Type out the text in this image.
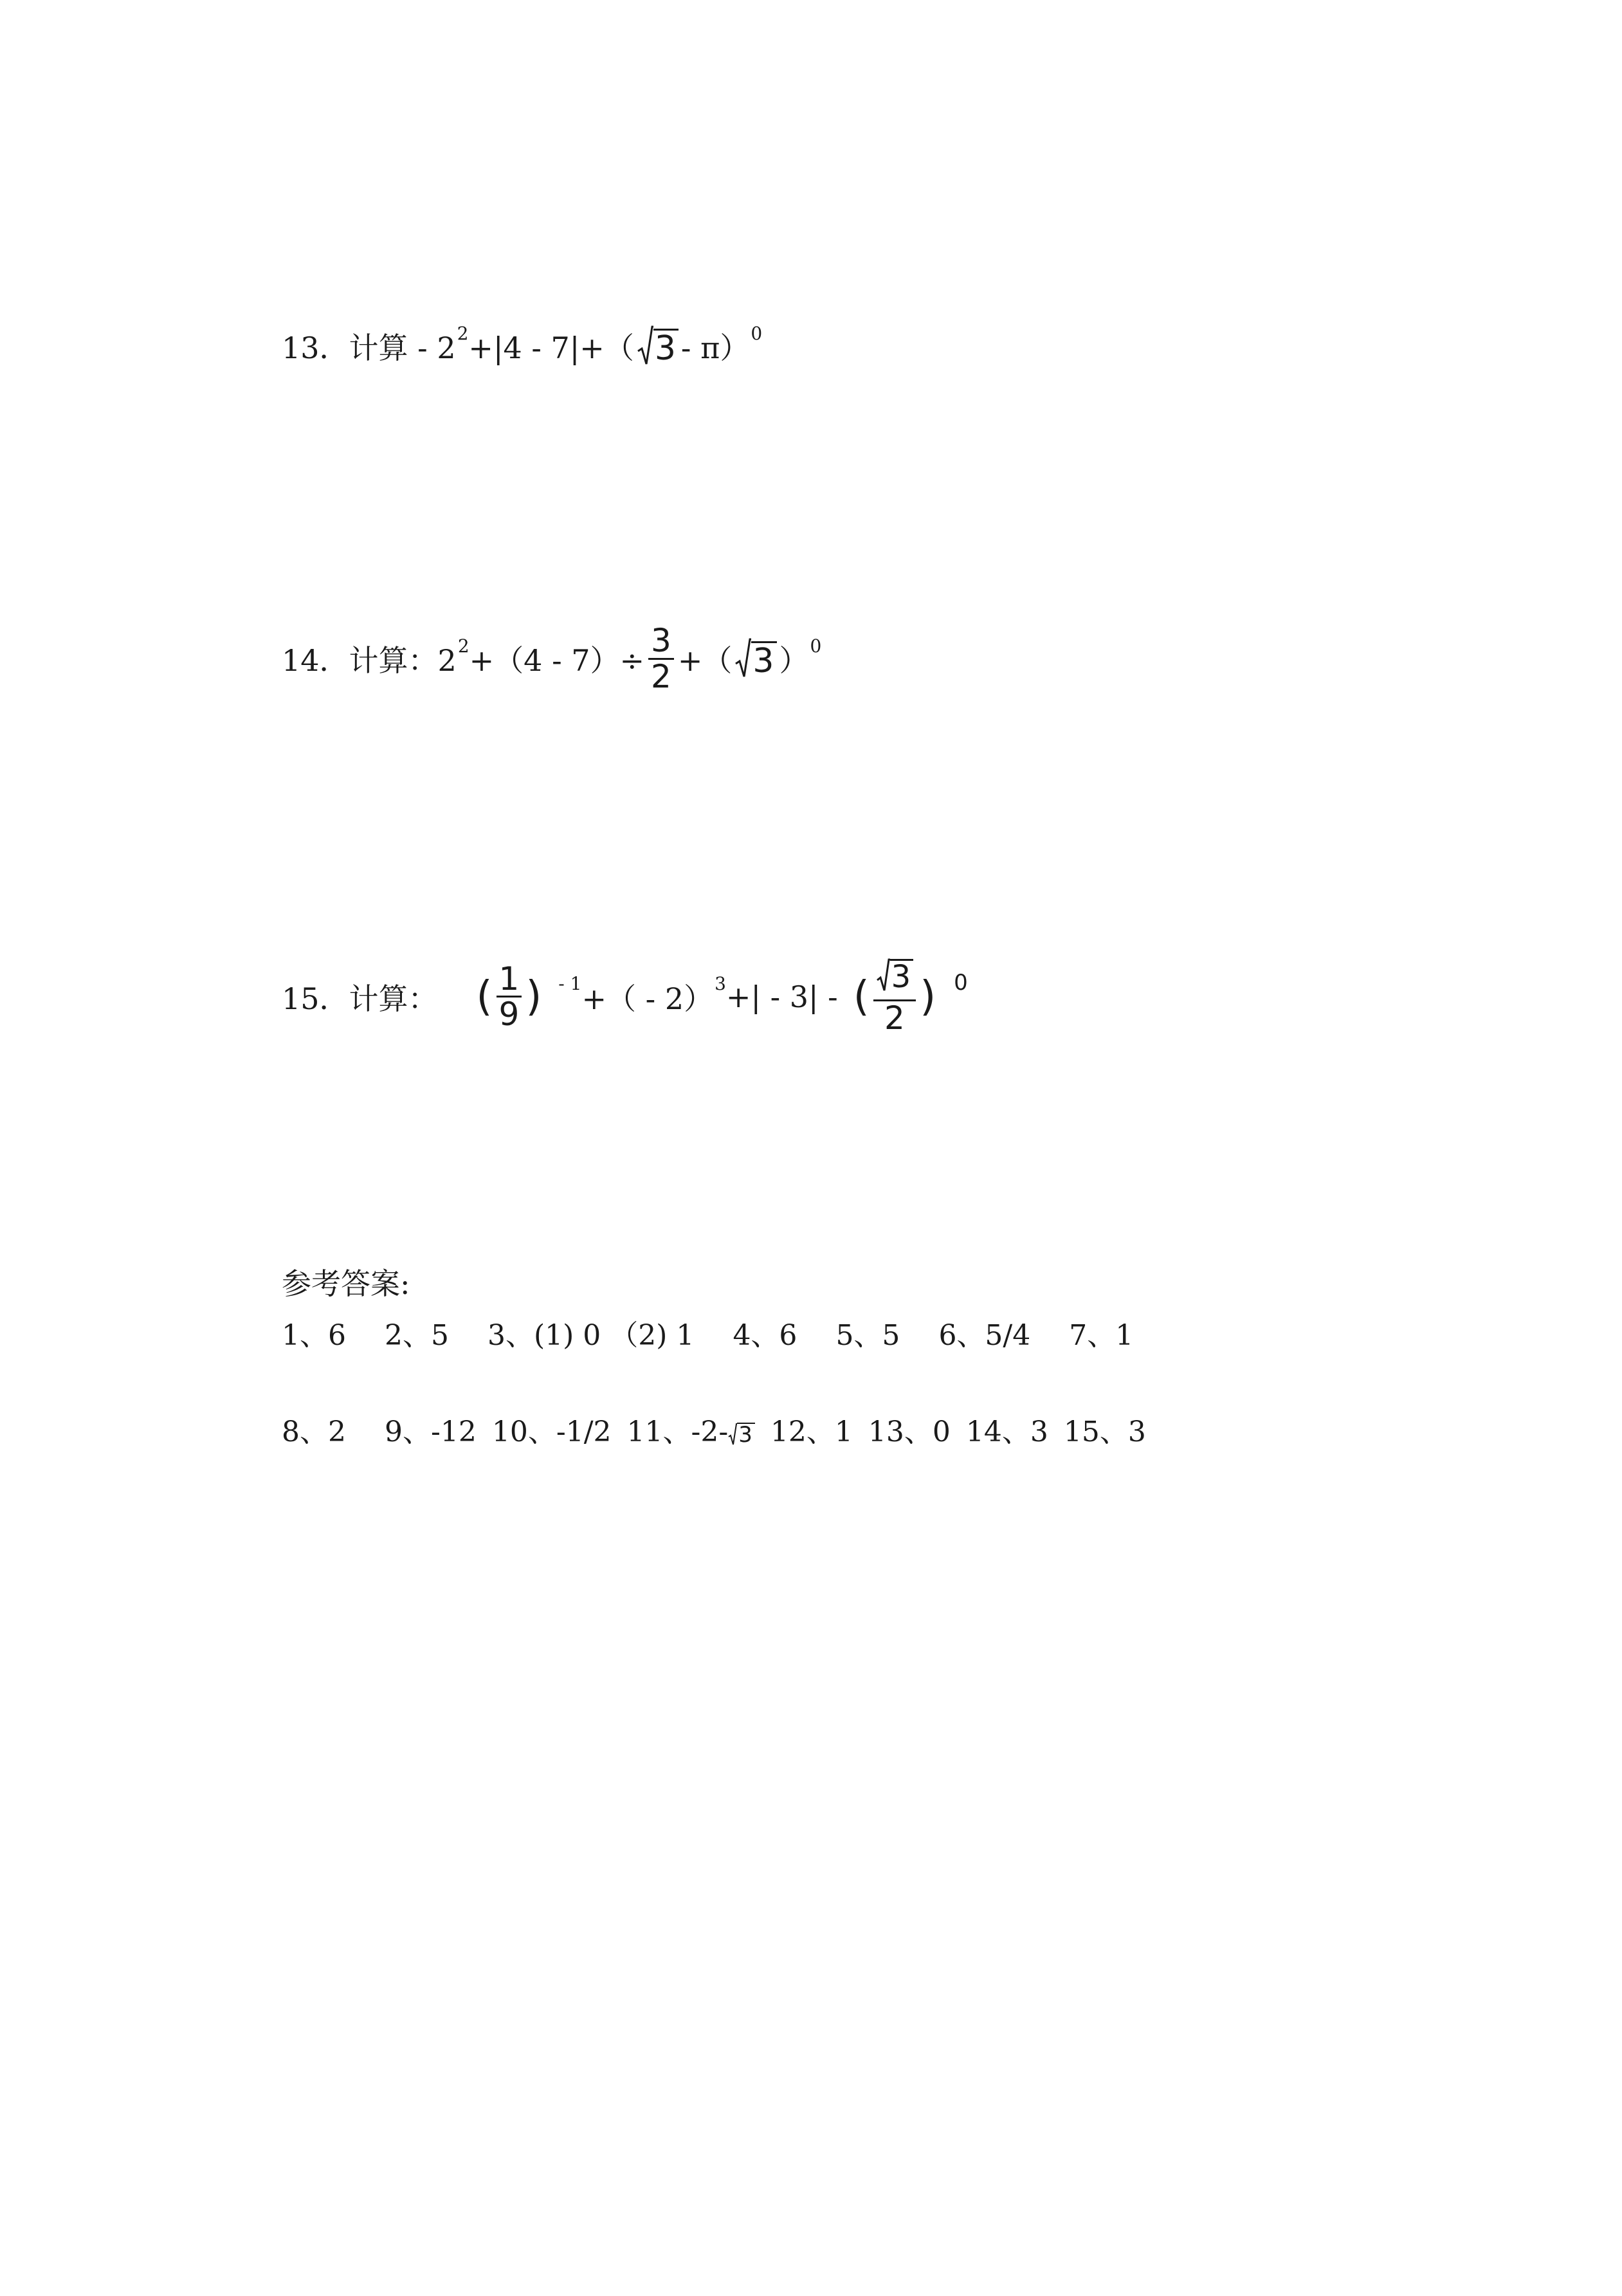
13．计算 - 2 2 +|4 - 7|+（ 3 - π） 0
14．计算：2 $2 +(4 - 7)\div \frac{3}{2}$ +（ 3 ） 0
15．计算： ( $\frac{1}{9}$ ) - 1 +（ - 2） 3 +| - 3| - ( $\frac{3}{2}$ ) 0
参考答案:
1、6 2、5 3、(1) 0 （2) 1 4、6 5、5 6、5/4 7、1
8、2 9、-12 10、-1/2 11、-2- 3 12、1 13、0 14、3 15、3
